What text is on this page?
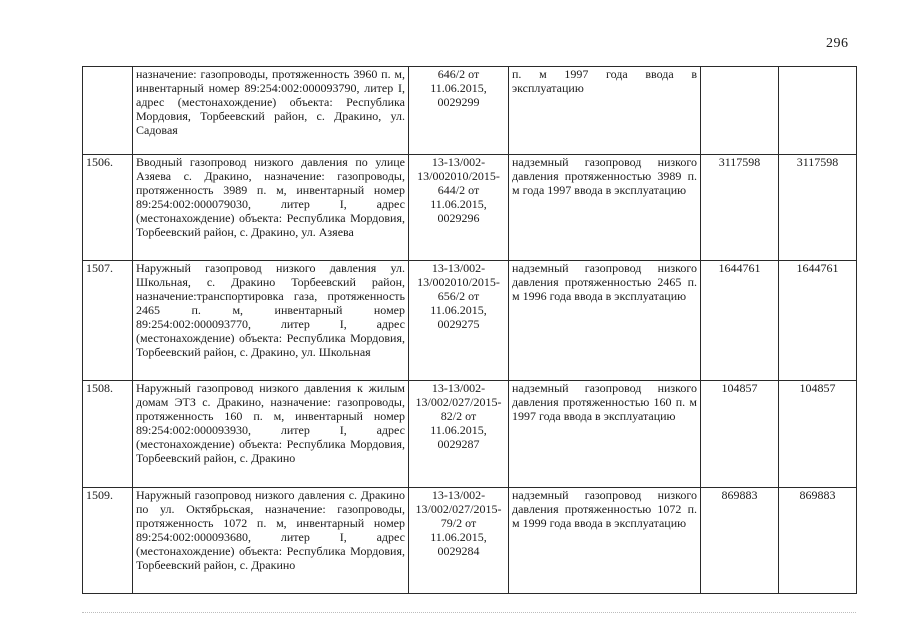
296
	назначение: газопроводы, протяженность 3960 п. м, инвентарный номер 89:254:002:000093790, литер I, адрес (местонахождение) объекта: Республика Мордовия, Торбеевский район, с. Дракино, ул. Садовая	646/2 от 11.06.2015, 0029299	п. м 1997 года ввода в эксплуатацию		
1506.	Вводный газопровод низкого давления по улице Азяева с. Дракино, назначение: газопроводы, протяженность 3989 п. м, инвентарный номер 89:254:002:000079030, литер I, адрес (местонахождение) объекта: Республика Мордовия, Торбеевский район, с. Дракино, ул. Азяева	13-13/002-13/002010/2015-644/2 от 11.06.2015, 0029296	надземный газопровод низкого давления протяженностью 3989 п. м года 1997 ввода в эксплуатацию	3117598	3117598
1507.	Наружный газопровод низкого давления ул. Школьная, с. Дракино Торбеевский район, назначение:транспортировка газа, протяженность 2465 п. м, инвентарный номер 89:254:002:000093770, литер I, адрес (местонахождение) объекта: Республика Мордовия, Торбеевский район, с. Дракино, ул. Школьная	13-13/002-13/002010/2015-656/2 от 11.06.2015, 0029275	надземный газопровод низкого давления протяженностью 2465 п. м 1996 года ввода в эксплуатацию	1644761	1644761
1508.	Наружный газопровод низкого давления к жилым домам ЭТЗ с. Дракино, назначение: газопроводы, протяженность 160 п. м, инвентарный номер 89:254:002:000093930, литер I, адрес (местонахождение) объекта: Республика Мордовия, Торбеевский район, с. Дракино	13-13/002-13/002/027/2015-82/2 от 11.06.2015, 0029287	надземный газопровод низкого давления протяженностью 160 п. м 1997 года ввода в эксплуатацию	104857	104857
1509.	Наружный газопровод низкого давления с. Дракино по ул. Октябрьская, назначение: газопроводы, протяженность 1072 п. м, инвентарный номер 89:254:002:000093680, литер I, адрес (местонахождение) объекта: Республика Мордовия, Торбеевский район, с. Дракино	13-13/002-13/002/027/2015-79/2 от 11.06.2015, 0029284	надземный газопровод низкого давления протяженностью 1072 п. м 1999 года ввода в эксплуатацию	869883	869883
